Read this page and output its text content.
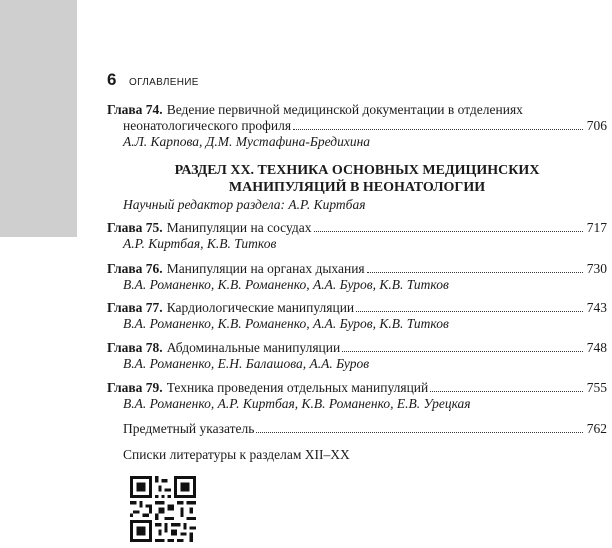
6 ОГЛАВЛЕНИЕ
Глава 74. Ведение первичной медицинской документации в отделениях
неонатологического профиля	706
А.Л. Карпова, Д.М. Мустафина-Бредихина
РАЗДЕЛ XX. ТЕХНИКА ОСНОВНЫХ МЕДИЦИНСКИХ
МАНИПУЛЯЦИЙ В НЕОНАТОЛОГИИ
Научный редактор раздела: А.Р. Киртбая
Глава 75. Манипуляции на сосудах	717
А.Р. Киртбая, К.В. Титков
Глава 76. Манипуляции на органах дыхания	730
В.А. Романенко, К.В. Романенко, А.А. Буров, К.В. Титков
Глава 77. Кардиологические манипуляции	743
В.А. Романенко, К.В. Романенко, А.А. Буров, К.В. Титков
Глава 78. Абдоминальные манипуляции	748
В.А. Романенко, Е.Н. Балашова, А.А. Буров
Глава 79. Техника проведения отдельных манипуляций	755
В.А. Романенко, А.Р. Киртбая, К.В. Романенко, Е.В. Урецкая
Предметный указатель	762
Списки литературы к разделам XII–XX
